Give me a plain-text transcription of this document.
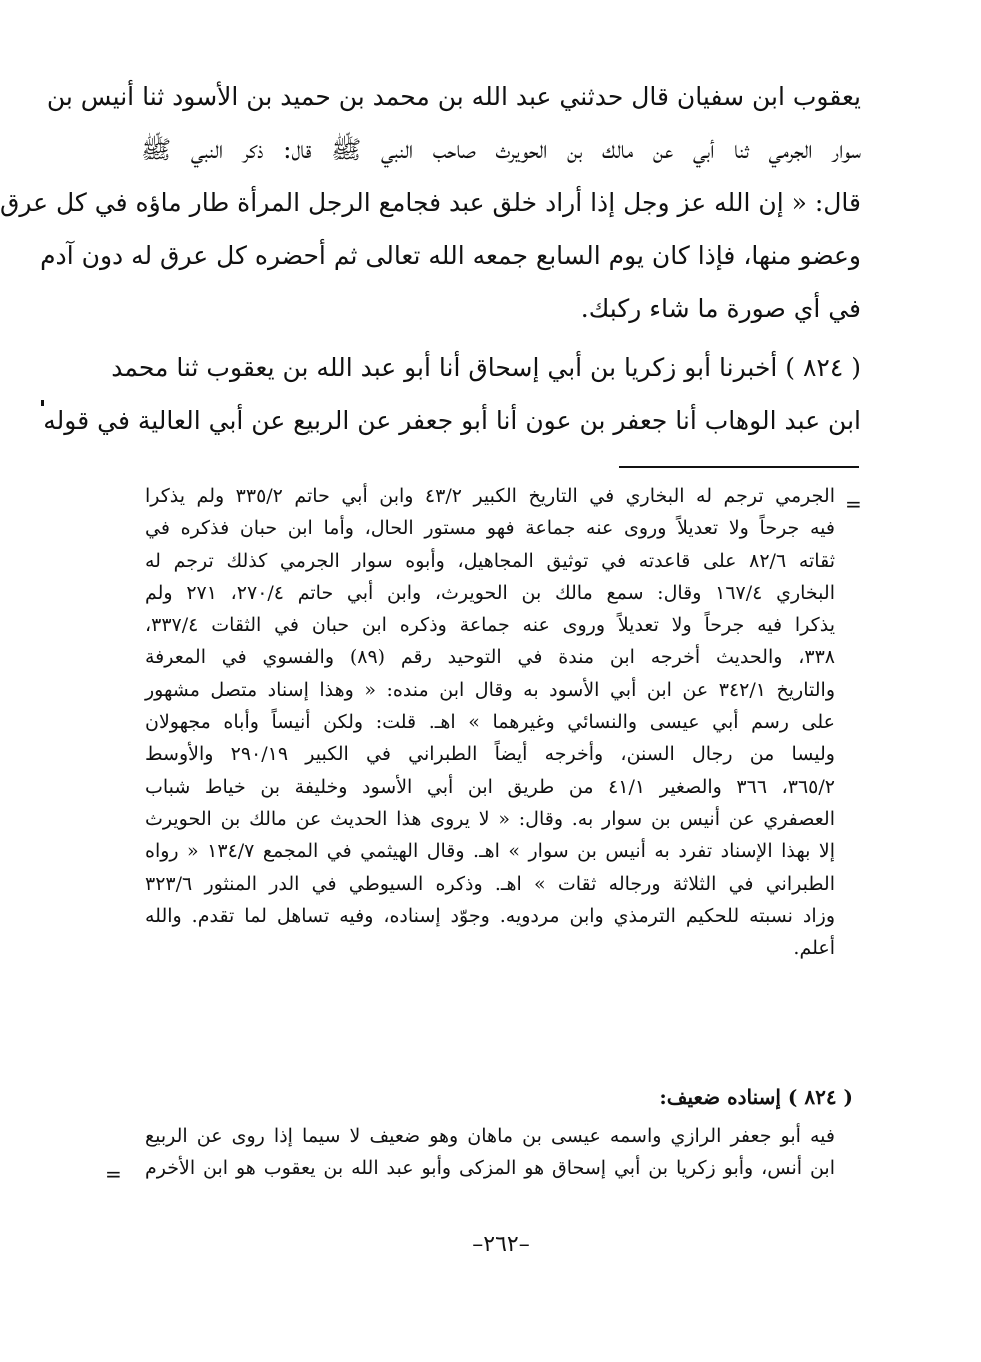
يعقوب ابن سفيان قال حدثني عبد الله بن محمد بن حميد بن الأسود ثنا أنيس بن
سوار الجرمي ثنا أبي عن مالك بن الحويرث صاحب النبي ﷺ قال: ذكر النبي ﷺ
قال: « إن الله عز وجل إذا أراد خلق عبد فجامع الرجل المرأة طار ماؤه في كل عرق
وعضو منها، فإذا كان يوم السابع جمعه الله تعالى ثم أحضره كل عرق له دون آدم
في أي صورة ما شاء ركبك.
( ٨٢٤ ) أخبرنا أبو زكريا بن أبي إسحاق أنا أبو عبد الله بن يعقوب ثنا محمد
ابن عبد الوهاب أنا جعفر بن عون أنا أبو جعفر عن الربيع عن أبي العالية في قوله
=
الجرمي ترجم له البخاري في التاريخ الكبير ٤٣/٢ وابن أبي حاتم ٣٣٥/٢ ولم يذكرا
فيه جرحاً ولا تعديلاً وروى عنه جماعة فهو مستور الحال، وأما ابن حبان فذكره في
ثقاته ٨٢/٦ على قاعدته في توثيق المجاهيل، وأبوه سوار الجرمي كذلك ترجم له
البخاري ١٦٧/٤ وقال: سمع مالك بن الحويرث، وابن أبي حاتم ٢٧٠/٤، ٢٧١ ولم
يذكرا فيه جرحاً ولا تعديلاً وروى عنه جماعة وذكره ابن حبان في الثقات ٣٣٧/٤،
٣٣٨، والحديث أخرجه ابن مندة في التوحيد رقم (٨٩) والفسوي في المعرفة
والتاريخ ٣٤٢/١ عن ابن أبي الأسود به وقال ابن منده: « وهذا إسناد متصل مشهور
على رسم أبي عيسى والنسائي وغيرهما » اهـ. قلت: ولكن أنيساً وأباه مجهولان
وليسا من رجال السنن، وأخرجه أيضاً الطبراني في الكبير ٢٩٠/١٩ والأوسط
٣٦٥/٢، ٣٦٦ والصغير ٤١/١ من طريق ابن أبي الأسود وخليفة بن خياط شباب
العصفري عن أنيس بن سوار به. وقال: « لا يروى هذا الحديث عن مالك بن الحويرث
إلا بهذا الإسناد تفرد به أنيس بن سوار » اهـ. وقال الهيثمي في المجمع ١٣٤/٧ « رواه
الطبراني في الثلاثة ورجاله ثقات » اهـ. وذكره السيوطي في الدر المنثور ٣٢٣/٦
وزاد نسبته للحكيم الترمذي وابن مردويه. وجوّد إسناده، وفيه تساهل لما تقدم. والله
أعلم.
( ٨٢٤ ) إسناده ضعيف:
فيه أبو جعفر الرازي واسمه عيسى بن ماهان وهو ضعيف لا سيما إذا روى عن الربيع
ابن أنس، وأبو زكريا بن أبي إسحاق هو المزكى وأبو عبد الله بن يعقوب هو ابن الأخرم
=
–٢٦٢–
